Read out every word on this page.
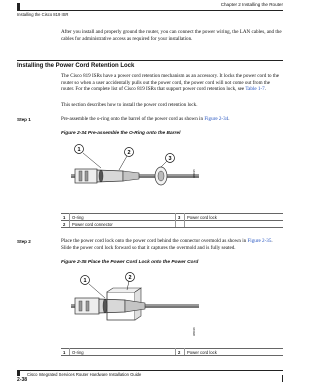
Chapter 2 Installing the Router
Installing the Cisco 819 ISR
After you install and properly ground the router, you can connect the power wiring, the LAN cables, and the cables for administrative access as required for your installation.
Installing the Power Cord Retention Lock
The Cisco 819 ISRs have a power cord retention mechanism as an accessory. It locks the power cord to the router so when a user accidentally pulls out the power cord, the power cord will not come out from the router. For the complete list of Cisco 819 ISRs that support power cord retention lock, see Table 1-7.
This section describes how to install the power cord retention lock.
Step 1	Pre-assemble the o-ring onto the barrel of the power cord as shown in Figure 2-34.
Figure 2-34 Pre-assemble the O-Ring onto the Barrel
1	2
3
380015
1	O-ring	3	Power cord lock
2	Power cord connector		
Step 2	Place the power cord lock onto the power cord behind the connector overmold as shown in Figure 2-35. Slide the power cord lock forward so that it captures the overmold and is fully seated.
Figure 2-35 Place the Power Cord Lock onto the Power Cord
1	2
380016
1	O-ring	2	Power cord lock
Cisco Integrated Services Router Hardware Installation Guide
2-38
